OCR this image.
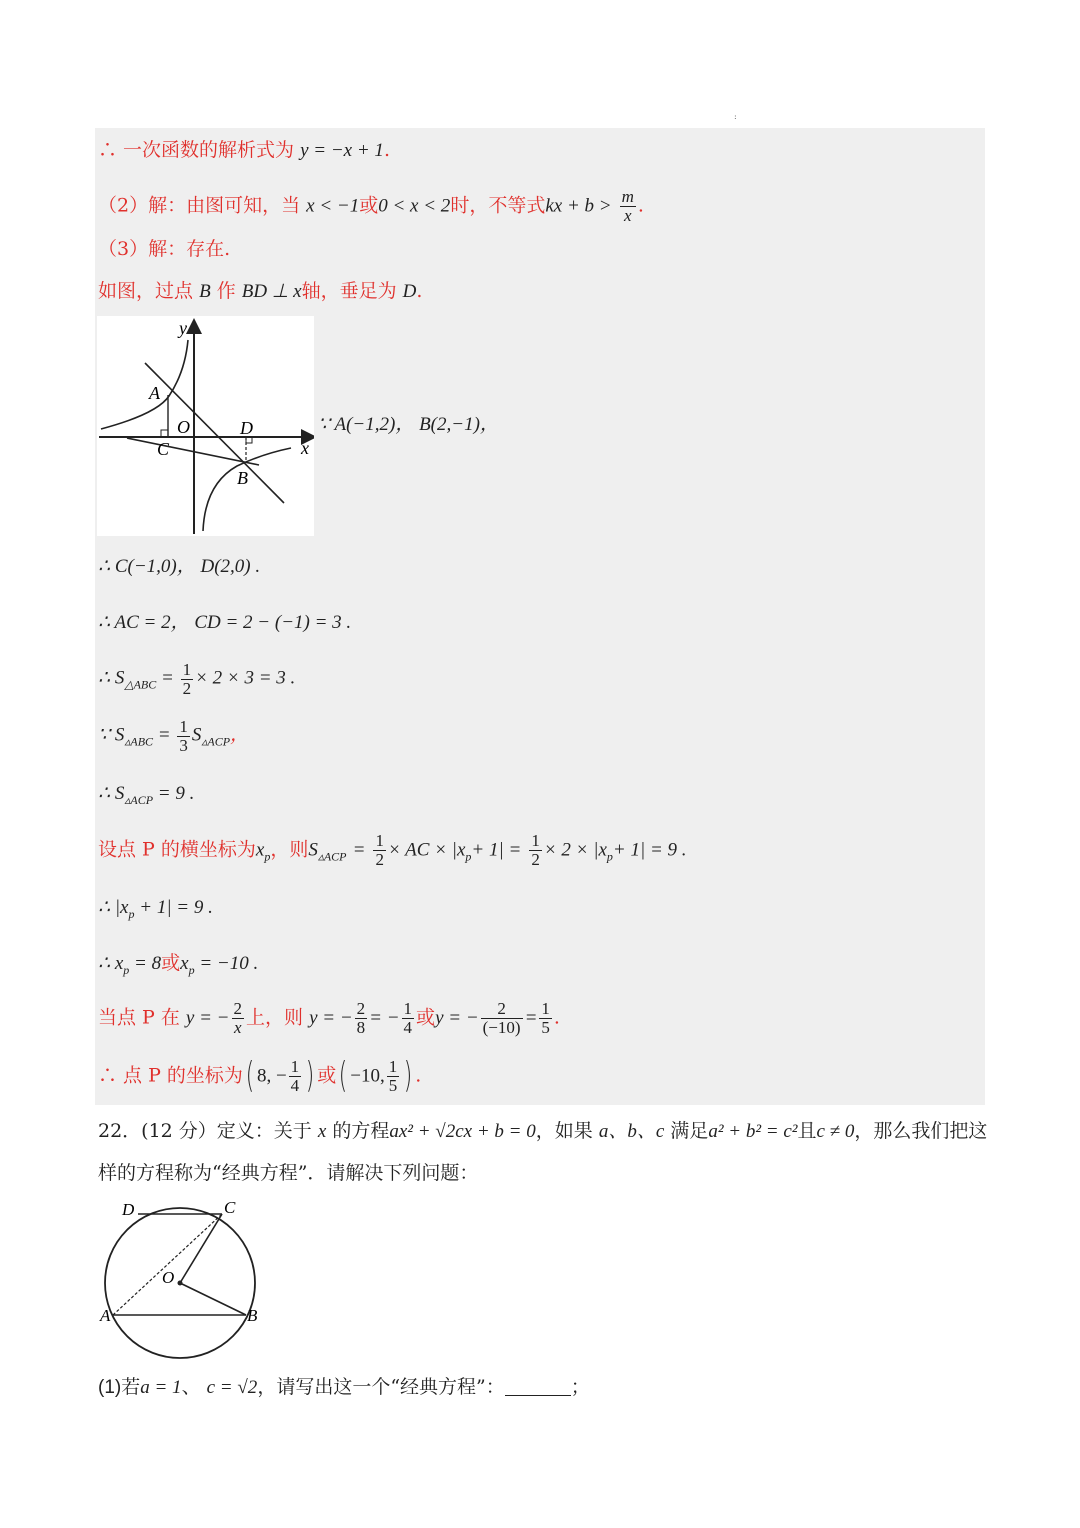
:
∴ 一次函数的解析式为 y = −x + 1.
（2）解：由图可知，当 x < −1或0 < x < 2时，不等式kx + $b > \frac{m}{x}$ .
（3）解：存在.
如图，过点 B 作 BD ⊥ x轴，垂足为 D.
y
A
O	D
C
B
x
∵ A(−1,2)， B(2,−1)，
∴ C(−1,0)， D(2,0) .
∴ AC = 2， CD = 2 − (−1) = 3 .
∴ $S_{\triangle ABC} = \frac{1}{2} \times 2 \times 3 = 3$ .
∵ $S_{▵ABC} = \frac{1}{3} S_{▵ACP}$，
∴ $S_{▵ACP} = 9$ .
设点 P 的横坐标为$x_p$，则$S_{▵ACP} = \frac{1}{2}$ × AC × $|x_p+ 1| = \frac{1}{2} \times 2 \times |x_p+ 1| = 9$ .
∴ $|x_p + 1| = 9$ .
∴ $x_p = 8$或$x_p = -10$ .
当点 P 在 y = − $\frac{2}{x}$ 上，则 y = − $\frac{2}{8}$ = − $\frac{1}{4}$ 或y = − $\frac{2}{(-10)} = \frac{1}{5}$ .
∴ 点 P 的坐标为( 8, − $\frac{1}{4}$ ) 或( −10, $\frac{1}{5}$ ) .
22．(12 分）定义：关于 x 的方程ax² + √2cx + b = 0，如果 a、b、c 满足a² + b² = c²且c ≠ 0，那么我们把这
样的方程称为“经典方程”．请解决下列问题：
D	C
O
A	B
(1)若a = 1、 c = √2，请写出这一个“经典方程”：	；
